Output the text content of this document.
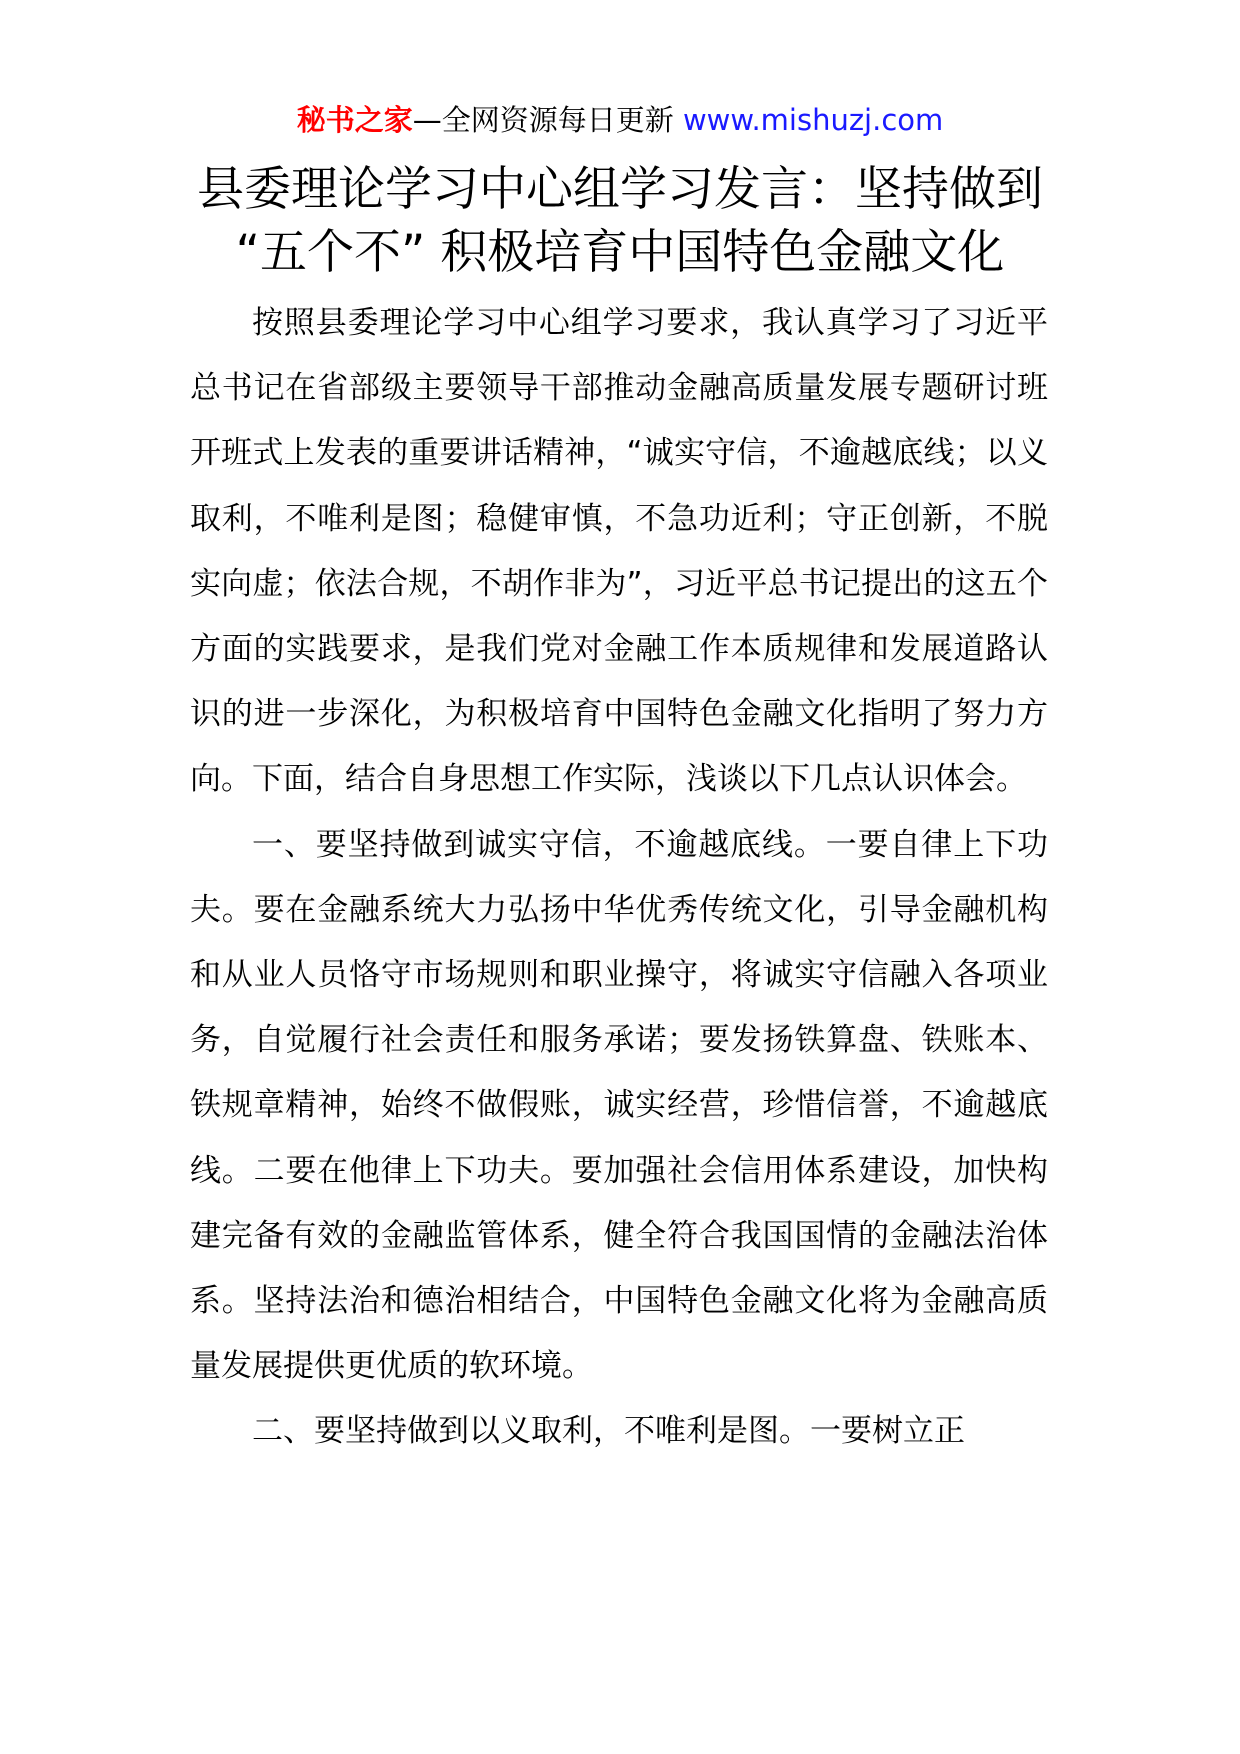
秘书之家—全网资源每日更新 www.mishuzj.com
县委理论学习中心组学习发言：坚持做到
“五个不” 积极培育中国特色金融文化

按照县委理论学习中心组学习要求，我认真学习了习近平总书记在省部级主要领导干部推动金融高质量发展专题研讨班开班式上发表的重要讲话精神，“诚实守信，不逾越底线；以义取利，不唯利是图；稳健审慎，不急功近利；守正创新，不脱实向虚；依法合规，不胡作非为”，习近平总书记提出的这五个方面的实践要求，是我们党对金融工作本质规律和发展道路认识的进一步深化，为积极培育中国特色金融文化指明了努力方向。下面，结合自身思想工作实际，浅谈以下几点认识体会。

一、要坚持做到诚实守信，不逾越底线。一要自律上下功夫。要在金融系统大力弘扬中华优秀传统文化，引导金融机构和从业人员恪守市场规则和职业操守，将诚实守信融入各项业务，自觉履行社会责任和服务承诺；要发扬铁算盘、铁账本、铁规章精神，始终不做假账，诚实经营，珍惜信誉，不逾越底线。二要在他律上下功夫。要加强社会信用体系建设，加快构建完备有效的金融监管体系，健全符合我国国情的金融法治体系。坚持法治和德治相结合，中国特色金融文化将为金融高质量发展提供更优质的软环境。

二、要坚持做到以义取利，不唯利是图。一要树立正
